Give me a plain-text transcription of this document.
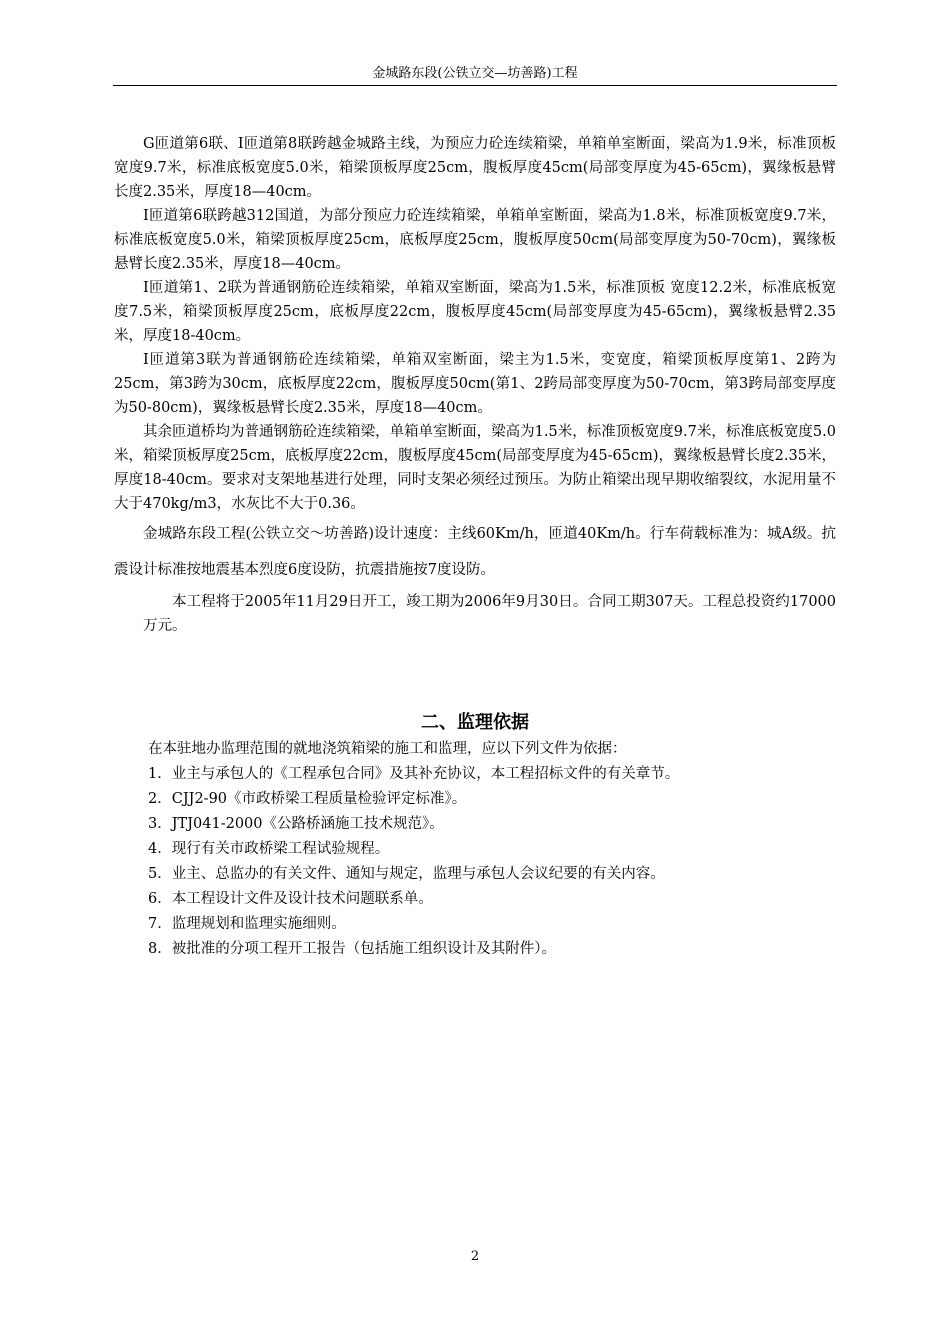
金城路东段(公铁立交—坊善路)工程

G匝道第6联、I匝道第8联跨越金城路主线，为预应力砼连续箱梁，单箱单室断面，梁高为1.9米，标准顶板宽度9.7米，标准底板宽度5.0米，箱梁顶板厚度25cm，腹板厚度45cm(局部变厚度为45-65cm)，翼缘板悬臂长度2.35米，厚度18—40cm。

I匝道第6联跨越312国道，为部分预应力砼连续箱梁，单箱单室断面，梁高为1.8米，标准顶板宽度9.7米，标准底板宽度5.0米，箱梁顶板厚度25cm，底板厚度25cm，腹板厚度50cm(局部变厚度为50-70cm)，翼缘板悬臂长度2.35米，厚度18—40cm。

I匝道第1、2联为普通钢筋砼连续箱梁，单箱双室断面，梁高为1.5米，标准顶板 宽度12.2米，标准底板宽度7.5米，箱梁顶板厚度25cm，底板厚度22cm，腹板厚度45cm(局部变厚度为45-65cm)，翼缘板悬臂2.35米，厚度18-40cm。

I匝道第3联为普通钢筋砼连续箱梁，单箱双室断面，梁主为1.5米，变宽度，箱梁顶板厚度第1、2跨为25cm，第3跨为30cm，底板厚度22cm，腹板厚度50cm(第1、2跨局部变厚度为50-70cm，第3跨局部变厚度为50-80cm)，翼缘板悬臂长度2.35米，厚度18—40cm。

其余匝道桥均为普通钢筋砼连续箱梁，单箱单室断面，梁高为1.5米，标准顶板宽度9.7米，标准底板宽度5.0米，箱梁顶板厚度25cm，底板厚度22cm，腹板厚度45cm(局部变厚度为45-65cm)，翼缘板悬臂长度2.35米，厚度18-40cm。要求对支架地基进行处理，同时支架必须经过预压。为防止箱梁出现早期收缩裂纹，水泥用量不大于470kg/m3，水灰比不大于0.36。

金城路东段工程(公铁立交～坊善路)设计速度：主线60Km/h，匝道40Km/h。行车荷载标准为：城A级。抗震设计标准按地震基本烈度6度设防，抗震措施按7度设防。

本工程将于2005年11月29日开工，竣工期为2006年9月30日。合同工期307天。工程总投资约17000万元。

二、监理依据

在本驻地办监理范围的就地浇筑箱梁的施工和监理，应以下列文件为依据：

1．业主与承包人的《工程承包合同》及其补充协议，本工程招标文件的有关章节。
2．CJJ2-90《市政桥梁工程质量检验评定标准》。
3．JTJ041-2000《公路桥涵施工技术规范》。
4．现行有关市政桥梁工程试验规程。
5．业主、总监办的有关文件、通知与规定，监理与承包人会议纪要的有关内容。
6．本工程设计文件及设计技术问题联系单。
7．监理规划和监理实施细则。
8．被批准的分项工程开工报告（包括施工组织设计及其附件）。
2
